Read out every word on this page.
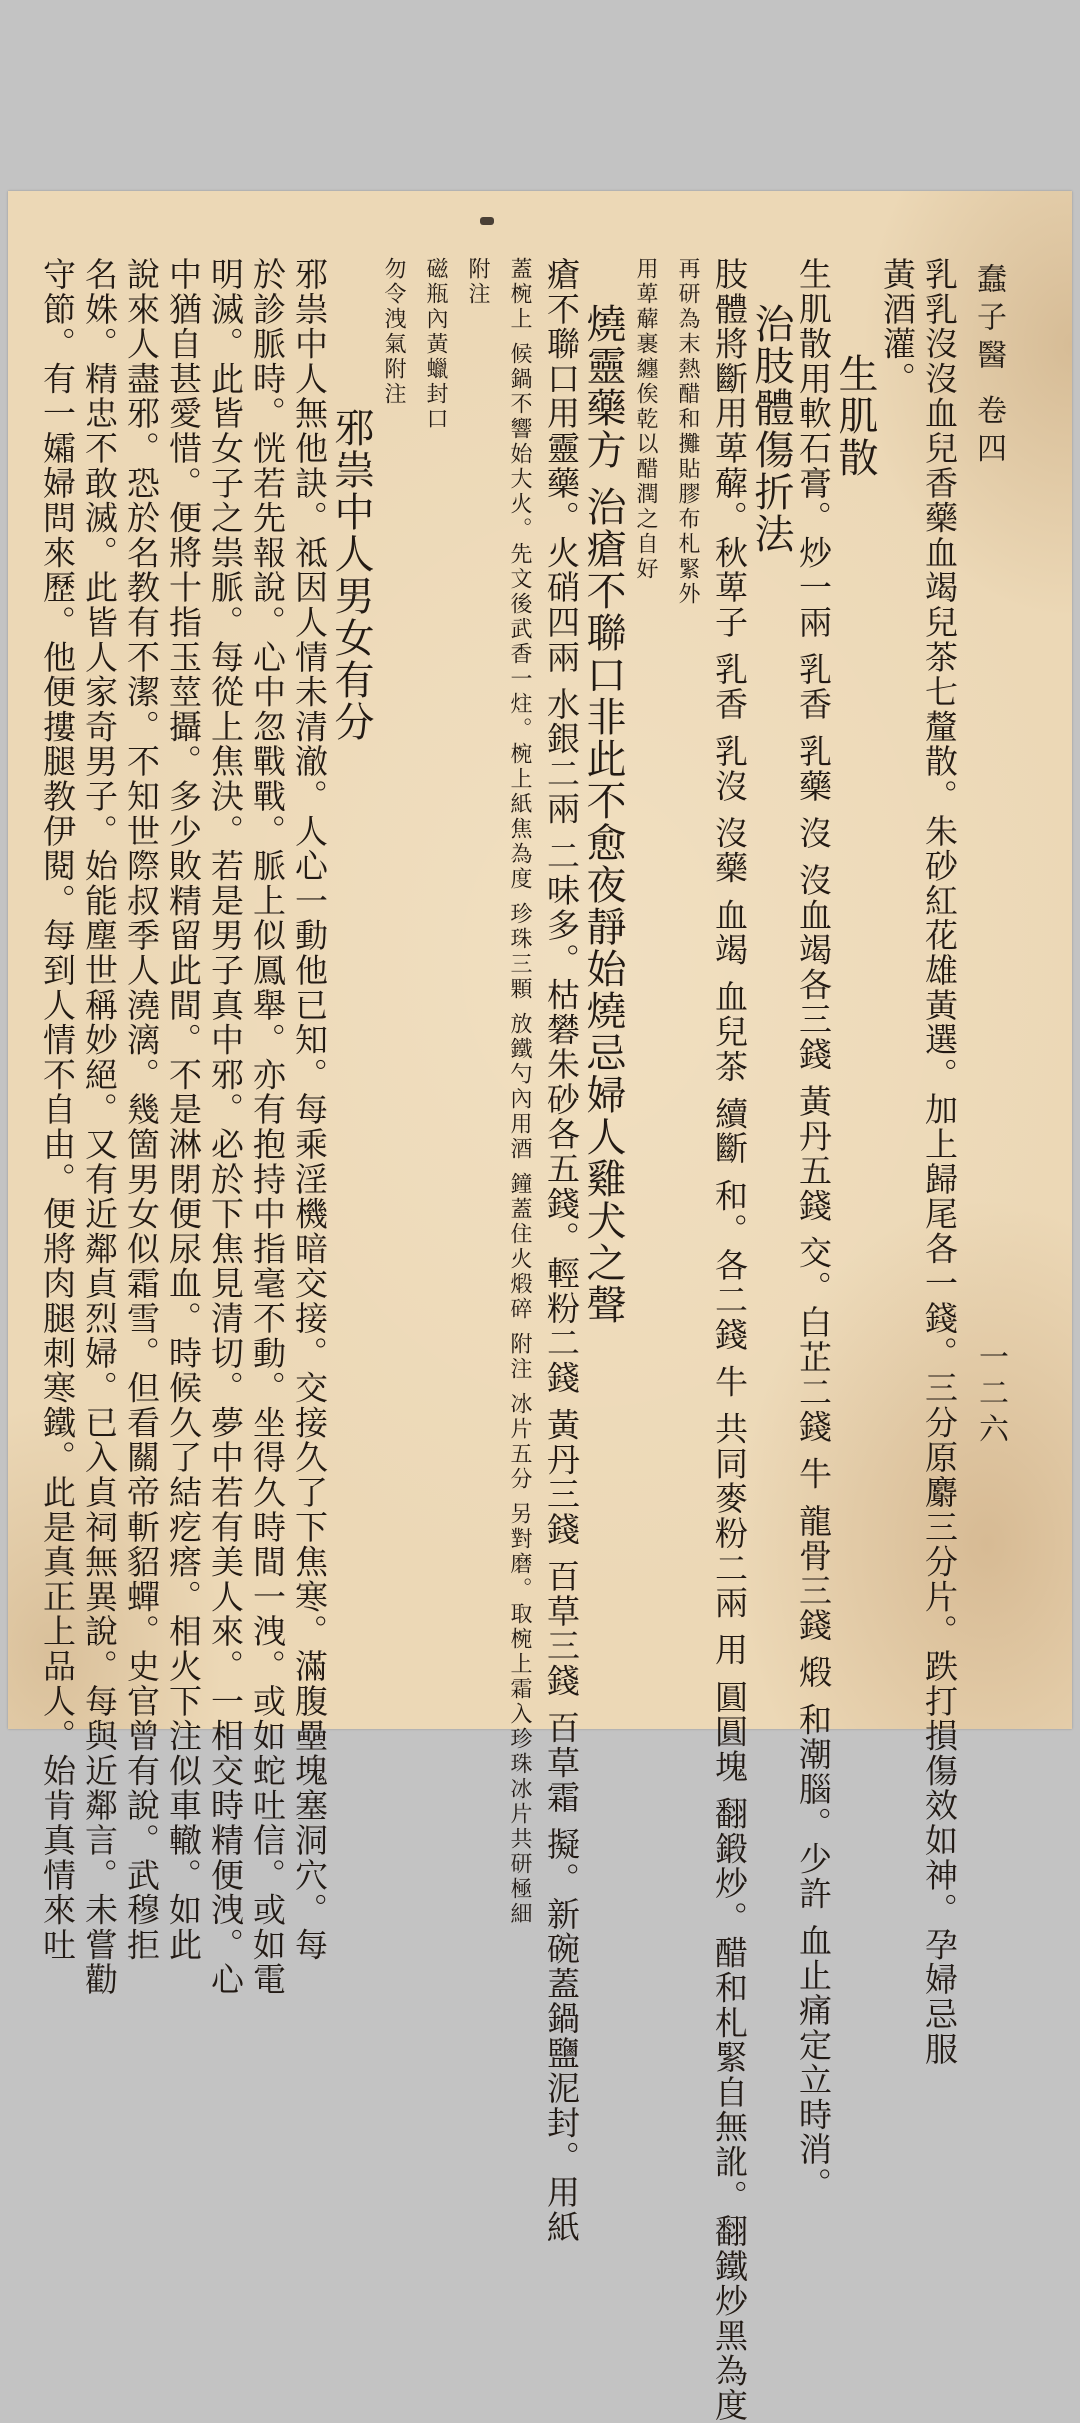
蠢子醫 卷四
一二六
乳乳沒沒血兒香藥血竭兒茶七釐散。朱砂紅花雄黃選。加上歸尾各一錢。三分原麝三分片。跌打損傷效如神。孕婦忌服
黃酒灌。
生肌散
生肌散用軟石膏。炒一兩 乳香 乳藥 沒 沒血竭各三錢 黃丹五錢 交。白芷二錢 牛 龍骨三錢 煅 和潮腦。少許 血止痛定立時消。
治肢體傷折法
肢體將斷用萆薢。秋萆子 乳香 乳沒 沒藥 血竭 血兒茶 續斷 和。各二錢 牛 共同麥粉二兩 用 圓圓塊 翻鍛炒。醋和札緊自無訛。翻鐵炒黑為度
再研為末熱醋和攤貼膠布札緊外
用萆薢裹纏俟乾以醋潤之自好
燒靈藥方 治瘡不聯口非此不愈夜靜始燒忌婦人雞犬之聲
瘡不聯口用靈藥。火硝四兩 水銀二兩 二味多。枯礬朱砂各五錢。輕粉二錢 黃丹三錢 百草三錢 百草霜 擬。新碗蓋鍋鹽泥封。用紙
蓋椀上 候鍋不響始大火。先文後武香一炷。椀上紙焦為度 珍珠三顆 放鐵勺內用酒 鐘蓋住火煅碎 附注 冰片五分 另對磨。取椀上霜入珍珠冰片共研極細
附注
磁瓶內黃蠟封口
勿令洩氣附注
邪祟中人男女有分
邪祟中人無他訣。祗因人情未清澈。人心一動他已知。每乘淫機暗交接。交接久了下焦寒。滿腹壘塊塞洞穴。每
於診脈時。恍若先報說。心中忽戰戰。脈上似鳳舉。亦有抱持中指毫不動。坐得久時間一洩。或如蛇吐信。或如電
明滅。此皆女子之祟脈。每從上焦決。若是男子真中邪。必於下焦見清切。夢中若有美人來。一相交時精便洩。心
中猶自甚愛惜。便將十指玉莖攝。多少敗精留此間。不是淋閉便尿血。時候久了結疙瘩。相火下注似車轍。如此
說來人盡邪。恐於名教有不潔。不知世際叔季人澆漓。幾箇男女似霜雪。但看關帝斬貂蟬。史官曾有說。武穆拒
名姝。精忠不敢滅。此皆人家奇男子。始能塵世稱妙絕。又有近鄰貞烈婦。已入貞祠無異說。每與近鄰言。未嘗勸
守節。有一孀婦問來歷。他便摟腿教伊閱。每到人情不自由。便將肉腿刺寒鐵。此是真正上品人。始肯真情來吐
